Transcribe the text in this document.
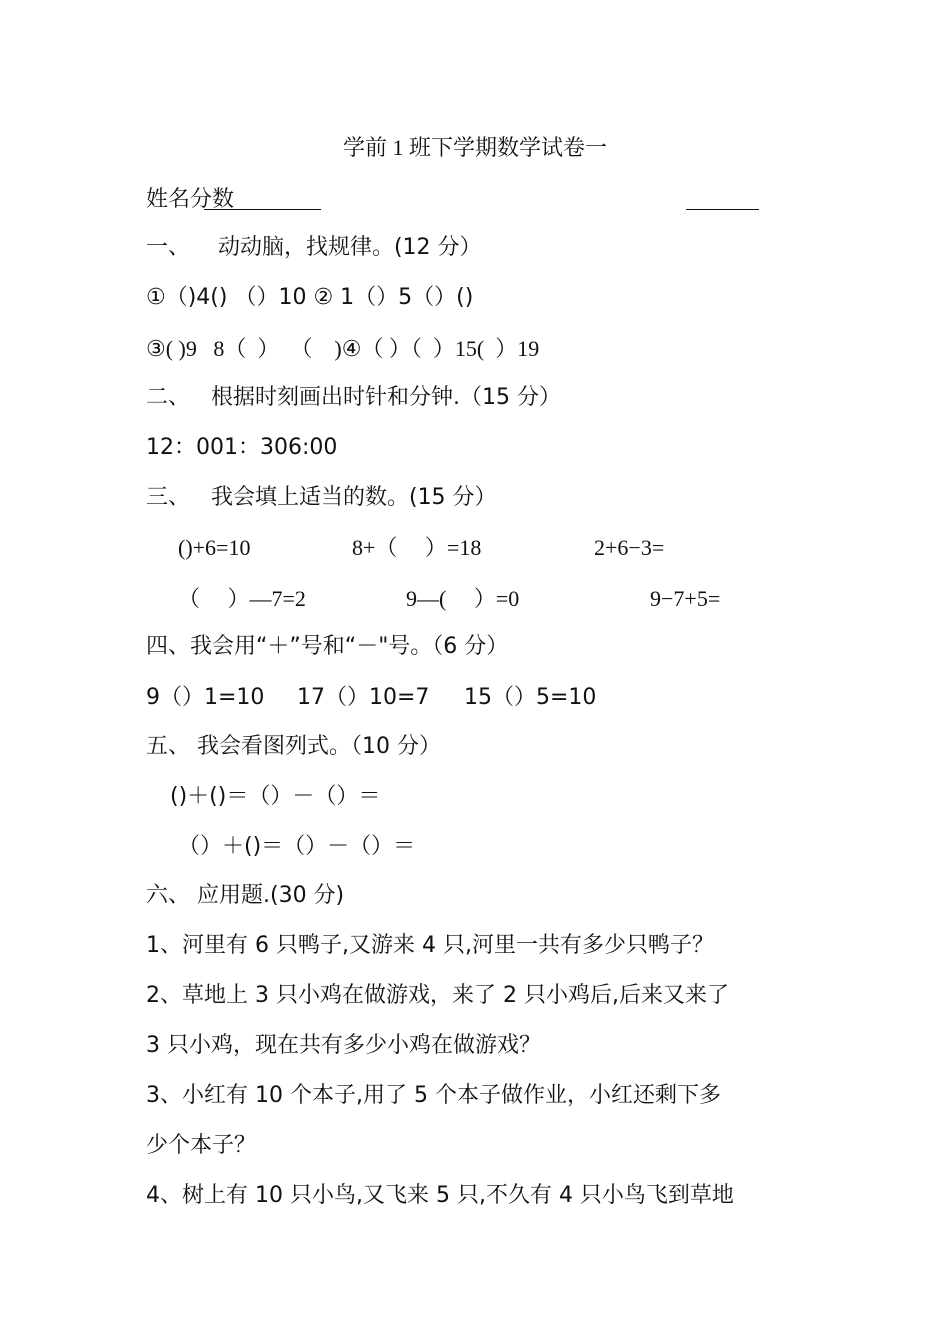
学前 1 班下学期数学试卷一
姓名分数
一、    动动脑，找规律。(12 分）
①（)4() （）10 ② 1（）5（）()
③( )9   8（  ）  （    )④（ ）（  ）15(  ）19
二、   根据时刻画出时针和分钟.（15 分）
12：001：306:00
三、   我会填上适当的数。(15 分）
()+6=10	8+（     ）=18	2+6−3=
（     ）—7=2	9—(     ）=0	9−7+5=
四、我会用“＋”号和“－"号。（6 分）
9（）1=10 17（）10=7 15（）5=10
五、 我会看图列式。（10 分）
()＋()＝（）－（）＝
（）＋()＝（）－（）＝
六、 应用题.(30 分)
1、河里有 6 只鸭子,又游来 4 只,河里一共有多少只鸭子？
2、草地上 3 只小鸡在做游戏，来了 2 只小鸡后,后来又来了
3 只小鸡，现在共有多少小鸡在做游戏？
3、小红有 10 个本子,用了 5 个本子做作业，小红还剩下多
少个本子？
4、树上有 10 只小鸟,又飞来 5 只,不久有 4 只小鸟飞到草地
